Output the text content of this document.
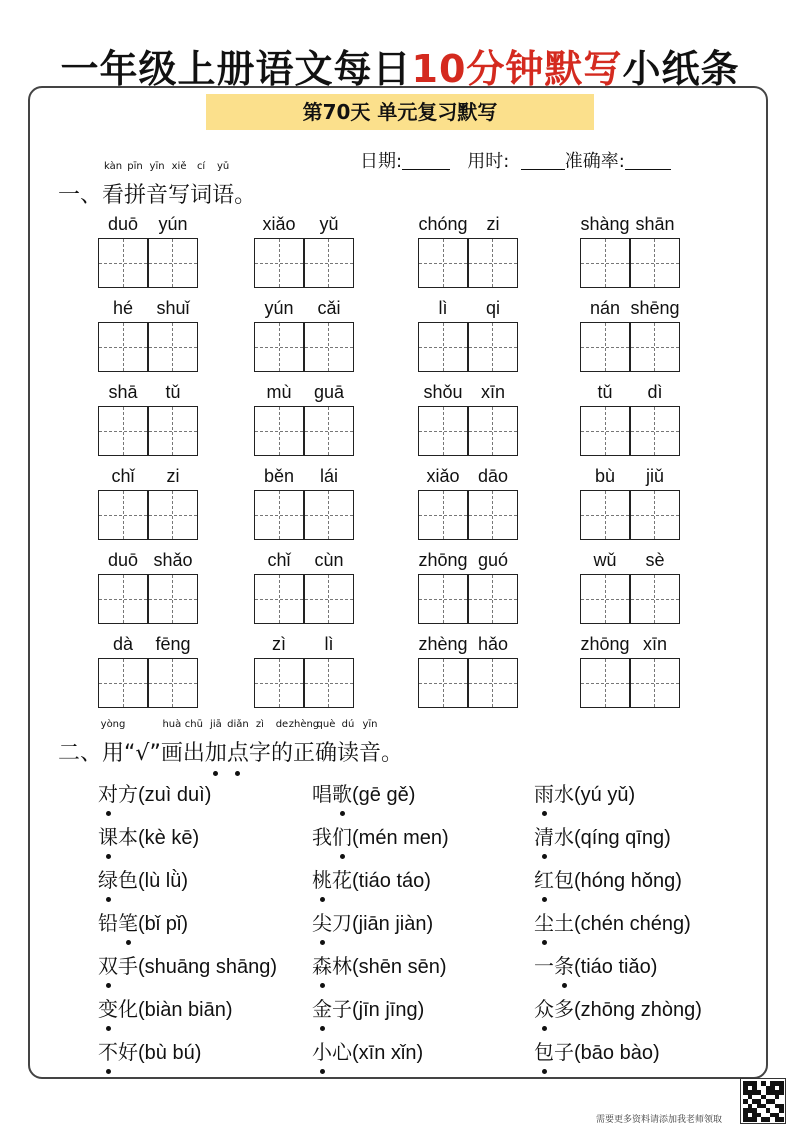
一年级上册语文每日10分钟默写小纸条
第70天 单元复习默写
日期:	用时:	准确率:
一、看
kàn
拼
pīn
音
yīn
写
xiě
词
cí
语
yǔ
。
duō	yún	xiǎo	yǔ	chóng	zi	shàng shān
hé	shuǐ	yún	cǎi	lì	qi	nán shēng
shā	tǔ	mù	guā	shǒu	xīn	tǔ	dì
chǐ	zi	běn	lái	xiǎo	dāo	bù	jiǔ
duō shǎo	chǐ	cùn	zhōng guó	wǔ	sè
dà	fēng	zì	lì	zhèng hǎo	zhōng xīn
二、用
yòng
“√”画
huà
出
chū
加
jiā
点
diǎn
字
zì
的
de
正
zhèng
确
què
读
dú
音
yīn
。
对方(zuì duì)	唱歌(gē gě)	雨水(yú yǔ)
课本(kè kē)	我们(mén men)	清水(qíng qīng)
绿色(lù lǜ)	桃花(tiáo táo)	红包(hóng hǒng)
铅笔(bǐ pǐ)	尖刀(jiān jiàn)	尘土(chén chéng)
双手(shuāng shāng) 森林(shēn sēn)	一条(tiáo tiǎo)
变化(biàn biān)	金子(jīn jīng)	众多(zhōng zhòng)
不好(bù bú)	小心(xīn xǐn)	包子(bāo bào)
需要更多资料请添加我老师领取
